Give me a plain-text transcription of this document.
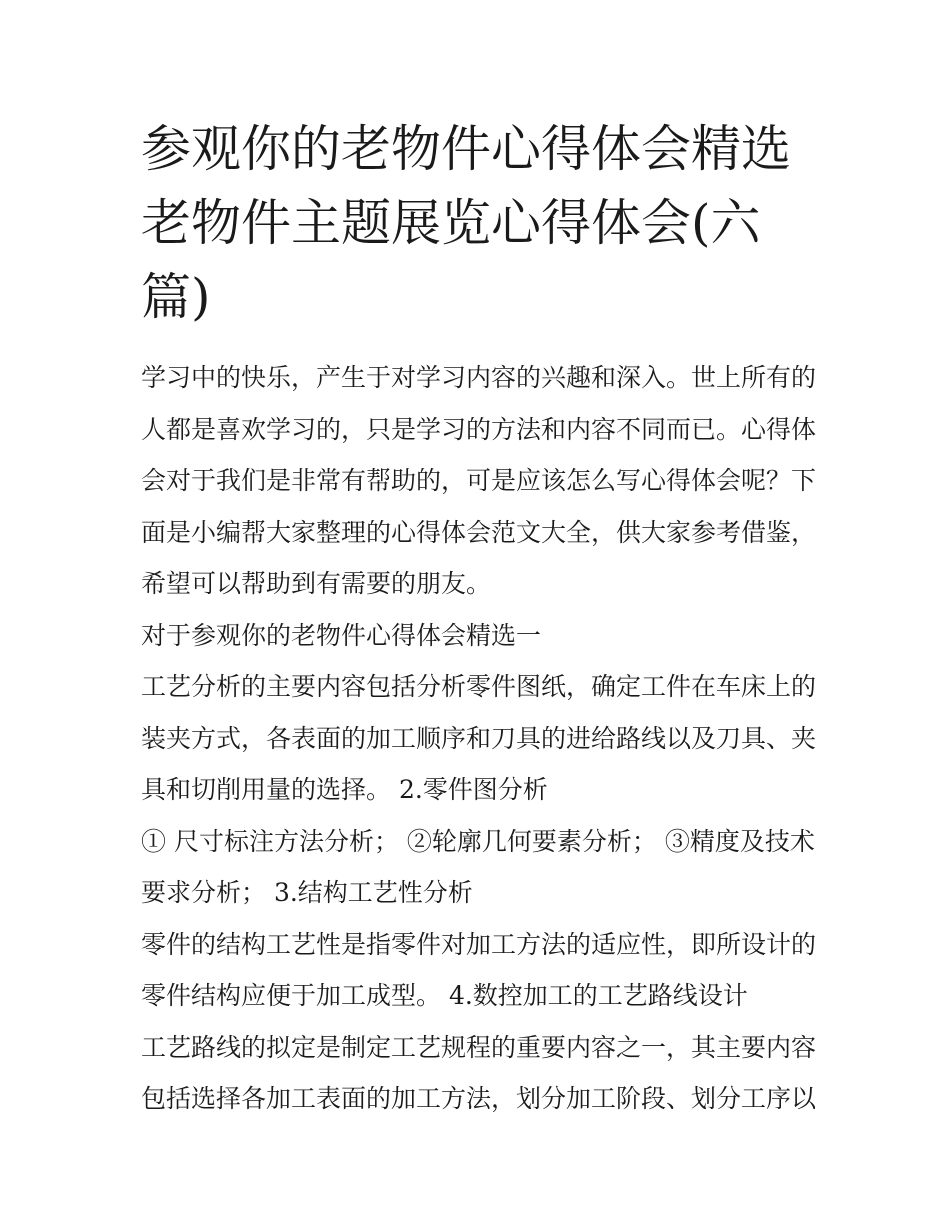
参观你的老物件心得体会精选老物件主题展览心得体会(六篇)

学习中的快乐，产生于对学习内容的兴趣和深入。世上所有的人都是喜欢学习的，只是学习的方法和内容不同而已。心得体会对于我们是非常有帮助的，可是应该怎么写心得体会呢？下面是小编帮大家整理的心得体会范文大全，供大家参考借鉴，希望可以帮助到有需要的朋友。

对于参观你的老物件心得体会精选一

工艺分析的主要内容包括分析零件图纸，确定工件在车床上的装夹方式，各表面的加工顺序和刀具的进给路线以及刀具、夹具和切削用量的选择。 2.零件图分析

① 尺寸标注方法分析； ②轮廓几何要素分析； ③精度及技术要求分析； 3.结构工艺性分析

零件的结构工艺性是指零件对加工方法的适应性，即所设计的零件结构应便于加工成型。 4.数控加工的工艺路线设计

工艺路线的拟定是制定工艺规程的重要内容之一，其主要内容包括选择各加工表面的加工方法，划分加工阶段、划分工序以
